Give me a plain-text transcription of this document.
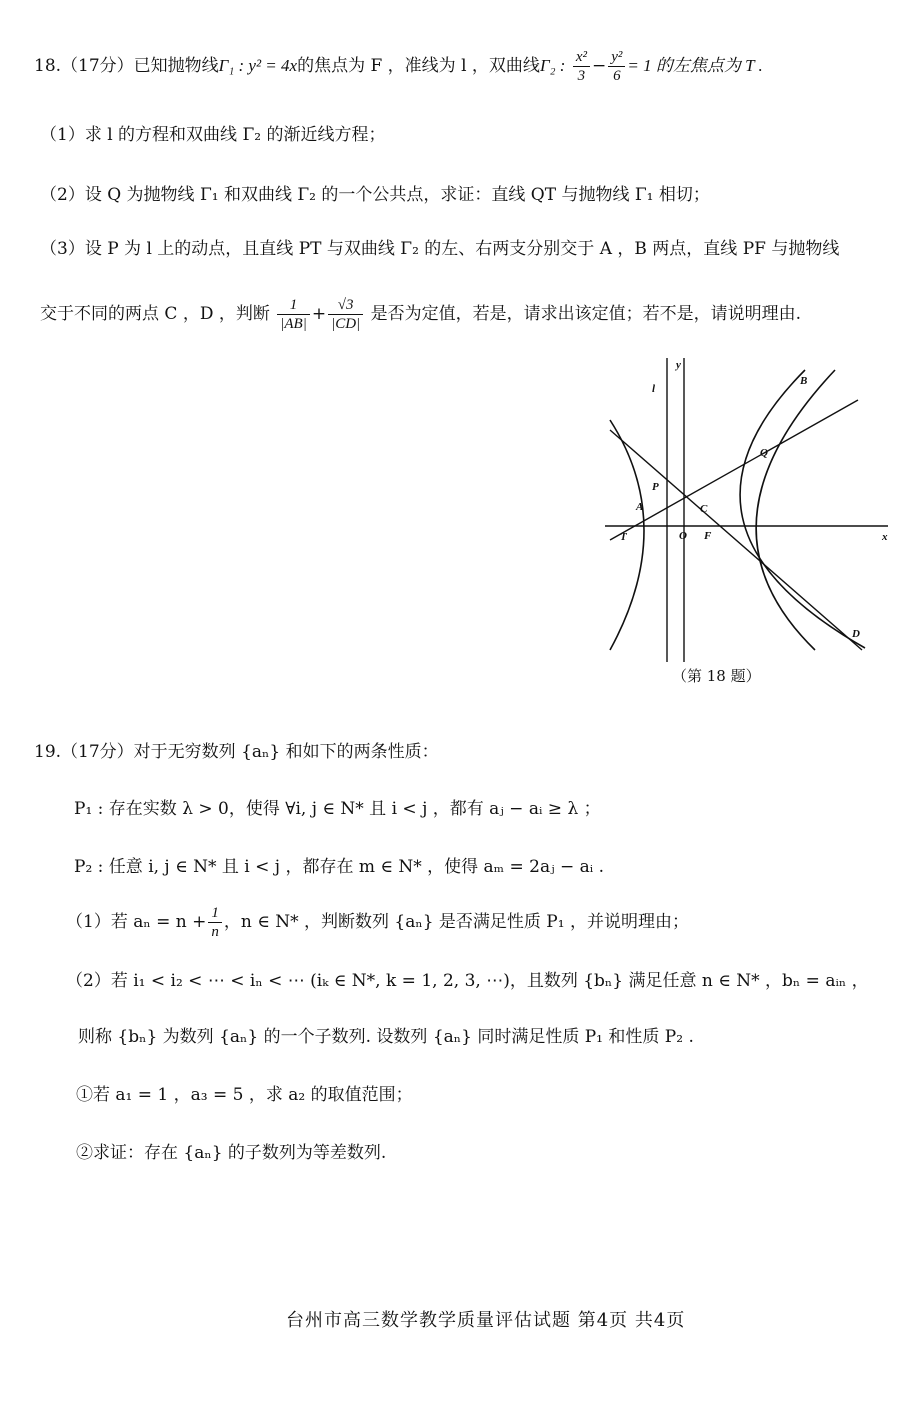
18.（17分）已知抛物线Γ₁ : y² = 4x的焦点为 F ，准线为 l ，双曲线Γ₂ : $\frac{\text{x²}}{3} - \frac{\text{y²}}{6} = 1$ 的左焦点为 T .
（1）求 l 的方程和双曲线 Γ₂ 的渐近线方程；
（2）设 Q 为抛物线 Γ₁ 和双曲线 Γ₂ 的一个公共点，求证：直线 QT 与抛物线 Γ₁ 相切；
（3）设 P 为 l 上的动点，且直线 PT 与双曲线 Γ₂ 的左、右两支分别交于 A ，B 两点，直线 PF 与抛物线
交于不同的两点 C ，D ，判断 $\frac{1}{|AB|} + \frac{√3}{|CD|}$ 是否为定值，若是，请求出该定值；若不是，请说明理由.
y
x
l
O
T	F
A
B
C
D
P
Q
（第 18 题）
19.（17分）对于无穷数列 {aₙ} 和如下的两条性质：
P₁ : 存在实数 λ > 0，使得 ∀i, j ∈ N* 且 i < j ，都有 aⱼ − aᵢ ≥ λ ；
P₂ : 任意 i, j ∈ N* 且 i < j ，都存在 m ∈ N* ，使得 aₘ = 2aⱼ − aᵢ .
（1）若 $a_n = n + \frac{1}{n}$ ，n ∈ N* ，判断数列 {aₙ} 是否满足性质 P₁ ，并说明理由；
（2）若 i₁ < i₂ < ⋯ < iₙ < ⋯ (iₖ ∈ N*, k = 1, 2, 3, ⋯)，且数列 {bₙ} 满足任意 n ∈ N* ，bₙ = aᵢₙ ，
则称 {bₙ} 为数列 {aₙ} 的一个子数列. 设数列 {aₙ} 同时满足性质 P₁ 和性质 P₂ .
①若 a₁ = 1 ，a₃ = 5 ，求 a₂ 的取值范围；
②求证：存在 {aₙ} 的子数列为等差数列.
台州市高三数学教学质量评估试题 第4页 共4页
